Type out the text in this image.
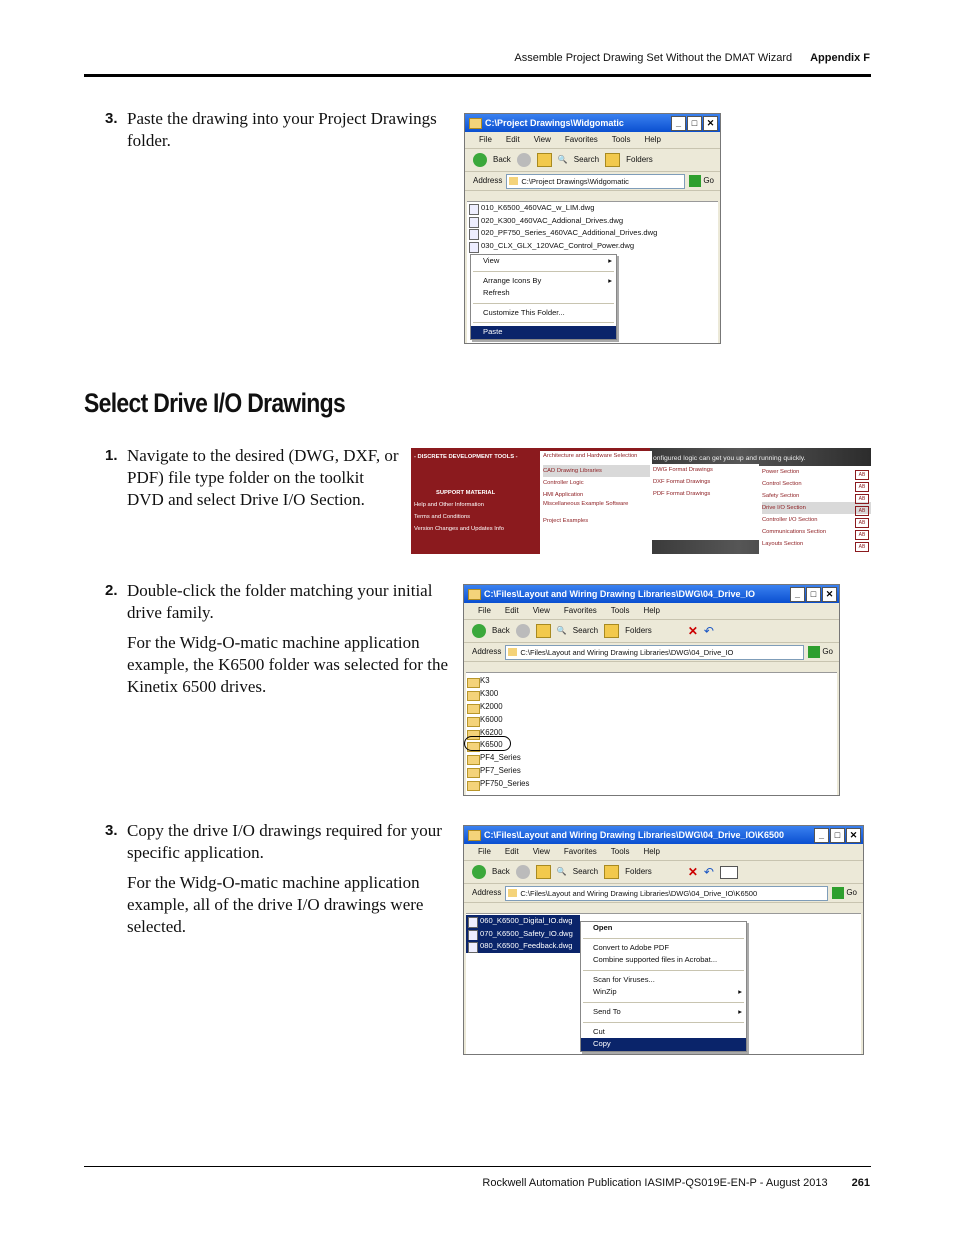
Assemble Project Drawing Set Without the DMAT Wizard Appendix F
3. Paste the drawing into your Project Drawings folder.

C:\Project Drawings\Widgomatic	_	□	✕
File Edit View Favorites Tools Help
Back	🔍 Search	Folders
Address	C:\Project Drawings\Widgomatic	Go
010_K6500_460VAC_w_LIM.dwg
020_K300_460VAC_Addional_Drives.dwg
020_PF750_Series_460VAC_Additional_Drives.dwg
030_CLX_GLX_120VAC_Control_Power.dwg
View ▸
Arrange Icons By ▸
Refresh
Customize This Folder...
Paste
Select Drive I/O Drawings
1. Navigate to the desired (DWG, DXF, or PDF) file type folder on the toolkit DVD and select Drive I/O Section.

onfigured logic can get you up and running quickly.
- DISCRETE DEVELOPMENT TOOLS -
SUPPORT MATERIAL
Help and Other Information
Terms and Conditions
Version Changes and Updates Info
Architecture and Hardware Selection
CAD Drawing Libraries
Controller Logic
HMI Application
Miscellaneous Example Software
Project Examples
DWG Format Drawings
DXF Format Drawings
PDF Format Drawings
Power Section
Control Section
Safety Section
Drive I/O Section
Controller I/O Section
Communications Section
Layouts Section
AB
AB
AB
AB
AB
AB
AB
2. Double-click the folder matching your initial drive family.

For the Widg-O-matic machine application example, the K6500 folder was selected for the Kinetix 6500 drives.

C:\Files\Layout and Wiring Drawing Libraries\DWG\04_Drive_IO	_	□	✕
File Edit View Favorites Tools Help
Back	🔍 Search	Folders	✕ ↶
Address	C:\Files\Layout and Wiring Drawing Libraries\DWG\04_Drive_IO	Go
K3
K300
K2000
K6000
K6200
K6500
PF4_Series
PF7_Series
PF750_Series
3. Copy the drive I/O drawings required for your specific application.

For the Widg-O-matic machine application example, all of the drive I/O drawings were selected.

C:\Files\Layout and Wiring Drawing Libraries\DWG\04_Drive_IO\K6500	_	□	✕
File Edit View Favorites Tools Help
Back	🔍 Search	Folders	✕ ↶
Address	C:\Files\Layout and Wiring Drawing Libraries\DWG\04_Drive_IO\K6500	Go
060_K6500_Digital_IO.dwg
070_K6500_Safety_IO.dwg
080_K6500_Feedback.dwg
Open
Convert to Adobe PDF
Combine supported files in Acrobat...
Scan for Viruses...
WinZip ▸
Send To ▸
Cut
Copy
Rockwell Automation Publication IASIMP-QS019E-EN-P - August 2013 261
